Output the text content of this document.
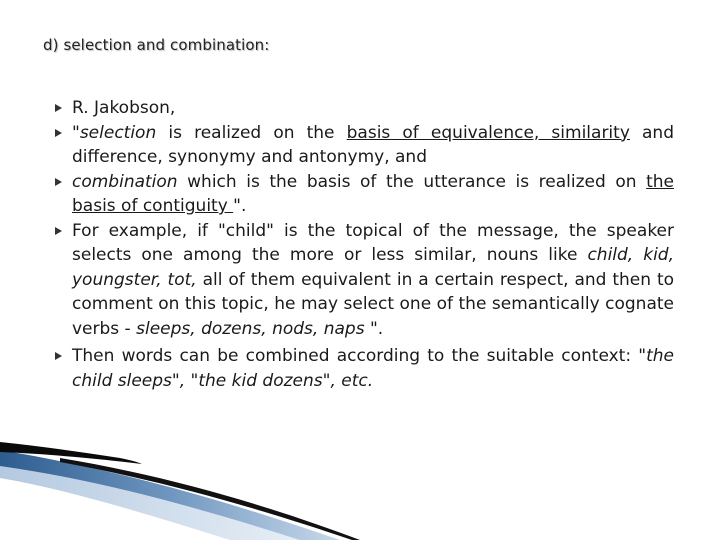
d) selection and combination:
R. Jakobson,
"selection is realized on the basis of equivalence, similarity and difference, synonymy and antonymy, and
combination which is the basis of the utterance is realized on the basis of contiguity ".
For example, if "child" is the topical of the message, the speaker selects one among the more or less similar, nouns like child, kid, youngster, tot, all of them equivalent in a certain respect, and then to comment on this topic, he may select one of the semantically cognate verbs - sleeps, dozens, nods, naps ".
Then words can be combined according to the suitable context: "the child sleeps", "the kid dozens", etc.
